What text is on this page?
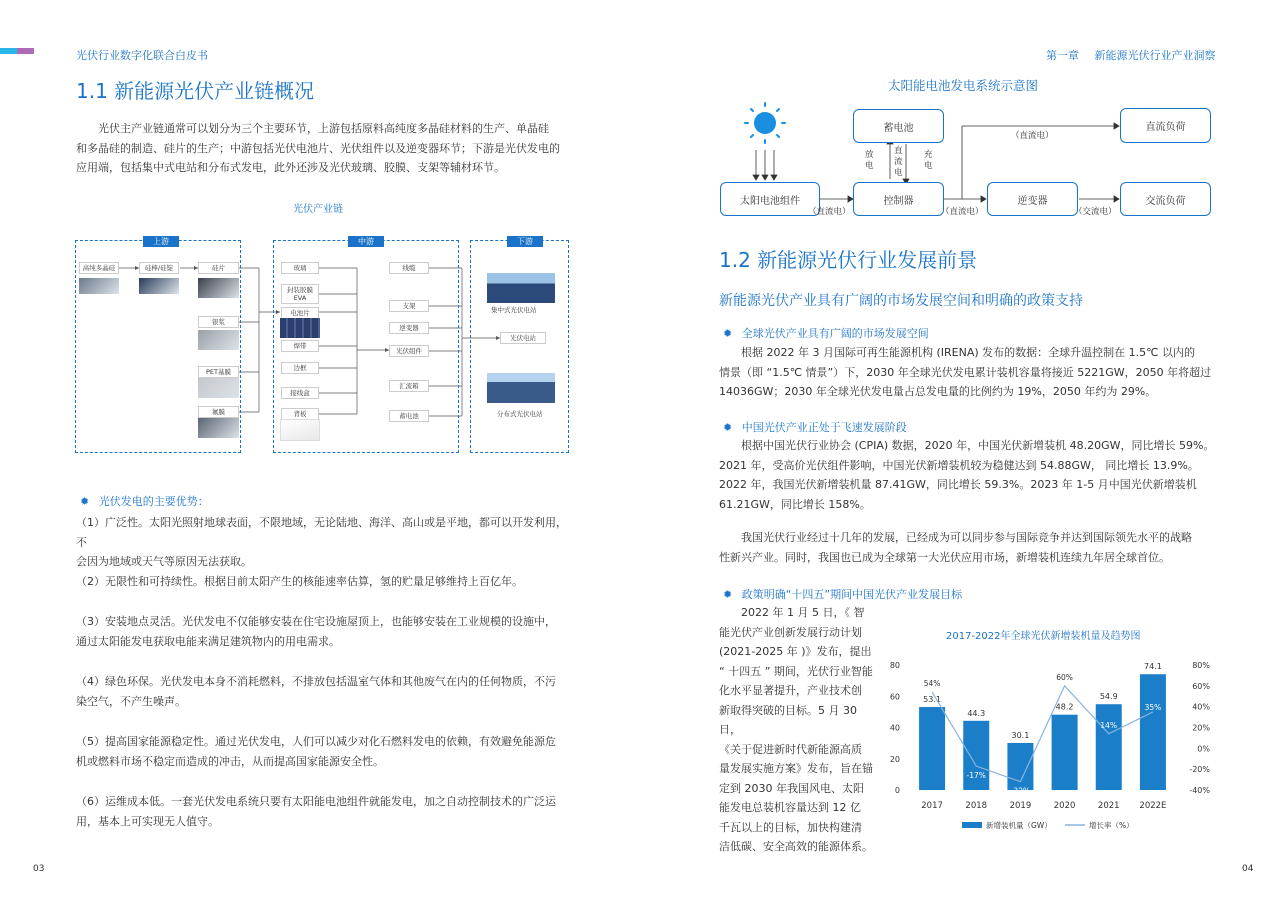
光伏行业数字化联合白皮书
1.1 新能源光伏产业链概况
光伏主产业链通常可以划分为三个主要环节，上游包括原料高纯度多晶硅材料的生产、单晶硅
和多晶硅的制造、硅片的生产；中游包括光伏电池片、光伏组件以及逆变器环节；下游是光伏发电的
应用端，包括集中式电站和分布式发电，此外还涉及光伏玻璃、胶膜、支架等辅材环节。
光伏产业链
上游	中游	下游
高纯多晶硅	硅棒/硅锭	硅片
银浆
PET基膜
氟膜
玻璃
封装胶膜
EVA
电池片
焊带
边框
接线盒
背板
线缆
支架
逆变器
光伏组件
汇流箱
蓄电池
集中式光伏电站
光伏电站
分布式光伏电站
✹ 光伏发电的主要优势：
（1）广泛性。太阳光照射地球表面，不限地域，无论陆地、海洋、高山或是平地，都可以开发利用，不
会因为地域或天气等原因无法获取。
（2）无限性和可持续性。根据目前太阳产生的核能速率估算，氢的贮量足够维持上百亿年。
（3）安装地点灵活。光伏发电不仅能够安装在住宅设施屋顶上，也能够安装在工业规模的设施中，
通过太阳能发电获取电能来满足建筑物内的用电需求。
（4）绿色环保。光伏发电本身不消耗燃料，不排放包括温室气体和其他废气在内的任何物质，不污
染空气，不产生噪声。
（5）提高国家能源稳定性。通过光伏发电，人们可以减少对化石燃料发电的依赖，有效避免能源危
机或燃料市场不稳定而造成的冲击，从而提高国家能源安全性。
（6）运维成本低。一套光伏发电系统只要有太阳能电池组件就能发电，加之自动控制技术的广泛运
用，基本上可实现无人值守。
03
第一章 新能源光伏行业产业洞察
太阳能电池发电系统示意图
蓄电池	直流负荷
太阳电池组件	控制器	逆变器	交流负荷
（直流电）
（直流电）	（直流电）	（交流电）
放
电
直
流
电
充
电
1.2 新能源光伏行业发展前景
新能源光伏产业具有广阔的市场发展空间和明确的政策支持
✹ 全球光伏产业具有广阔的市场发展空间
根据 2022 年 3 月国际可再生能源机构 (IRENA) 发布的数据：全球升温控制在 1.5℃ 以内的
情景（即 “1.5℃ 情景”）下，2030 年全球光伏发电累计装机容量将接近 5221GW，2050 年将超过
14036GW；2030 年全球光伏发电量占总发电量的比例约为 19%，2050 年约为 29%。
✹ 中国光伏产业正处于飞速发展阶段
根据中国光伏行业协会 (CPIA) 数据，2020 年，中国光伏新增装机 48.20GW，同比增长 59%。
2021 年，受高价光伏组件影响，中国光伏新增装机较为稳健达到 54.88GW， 同比增长 13.9%。
2022 年，我国光伏新增装机量 87.41GW，同比增长 59.3%。2023 年 1-5 月中国光伏新增装机
61.21GW，同比增长 158%。
我国光伏行业经过十几年的发展，已经成为可以同步参与国际竞争并达到国际领先水平的战略
性新兴产业。同时，我国也已成为全球第一大光伏应用市场，新增装机连续九年居全球首位。
✹ 政策明确“十四五”期间中国光伏产业发展目标
2022 年 1 月 5 日，《 智
能光伏产业创新发展行动计划
(2021-2025 年 )》发布，提出
“ 十四五 ” 期间，光伏行业智能
化水平显著提升，产业技术创
新取得突破的目标。5 月 30 日，
《关于促进新时代新能源高质
量发展实施方案》发布，旨在锚
定到 2030 年我国风电、太阳
能发电总装机容量达到 12 亿
千瓦以上的目标，加快构建清
洁低碳、安全高效的能源体系。
2017-2022年全球光伏新增装机量及趋势图
80
60
40
20
0
80%
60%
40%
20%
0%
-20%
-40%
53.1
2017
44.3
2018
30.1
2019
48.2
2020
54.9
2021
74.1
2022E
54%
-17%
-32%
60%
14%
35%
新增装机量（GW）	增长率（%）
04
